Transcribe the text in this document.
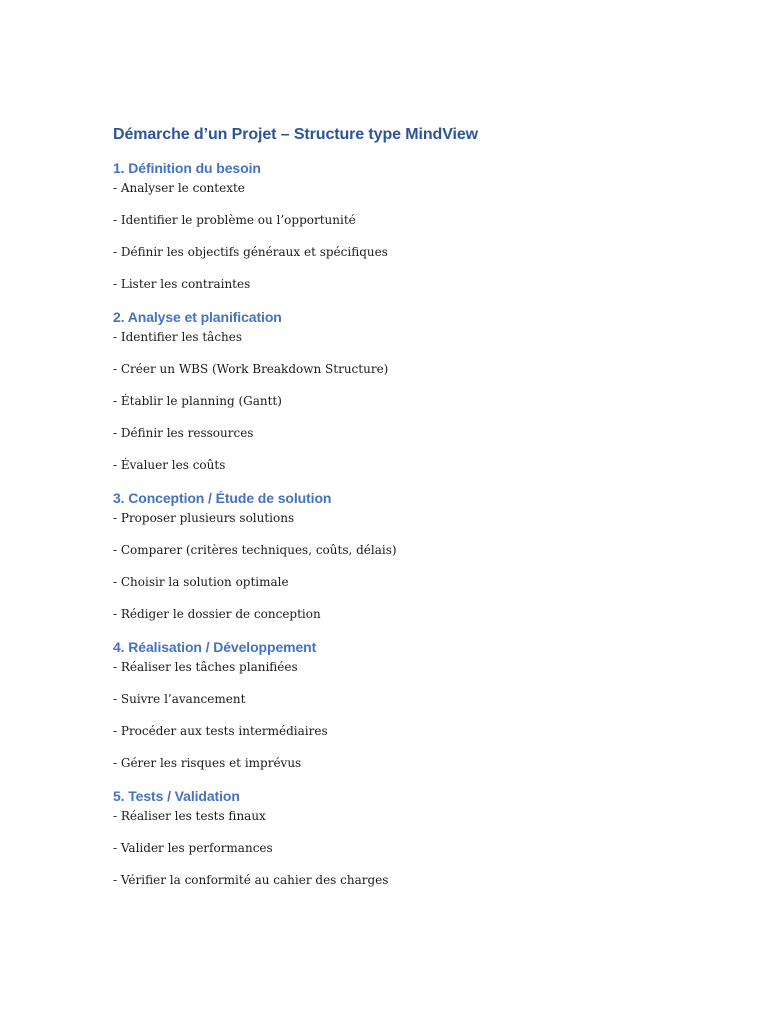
Démarche d’un Projet – Structure type MindView
1. Définition du besoin
- Analyser le contexte
- Identifier le problème ou l’opportunité
- Définir les objectifs généraux et spécifiques
- Lister les contraintes
2. Analyse et planification
- Identifier les tâches
- Créer un WBS (Work Breakdown Structure)
- Établir le planning (Gantt)
- Définir les ressources
- Évaluer les coûts
3. Conception / Étude de solution
- Proposer plusieurs solutions
- Comparer (critères techniques, coûts, délais)
- Choisir la solution optimale
- Rédiger le dossier de conception
4. Réalisation / Développement
- Réaliser les tâches planifiées
- Suivre l’avancement
- Procéder aux tests intermédiaires
- Gérer les risques et imprévus
5. Tests / Validation
- Réaliser les tests finaux
- Valider les performances
- Vérifier la conformité au cahier des charges
